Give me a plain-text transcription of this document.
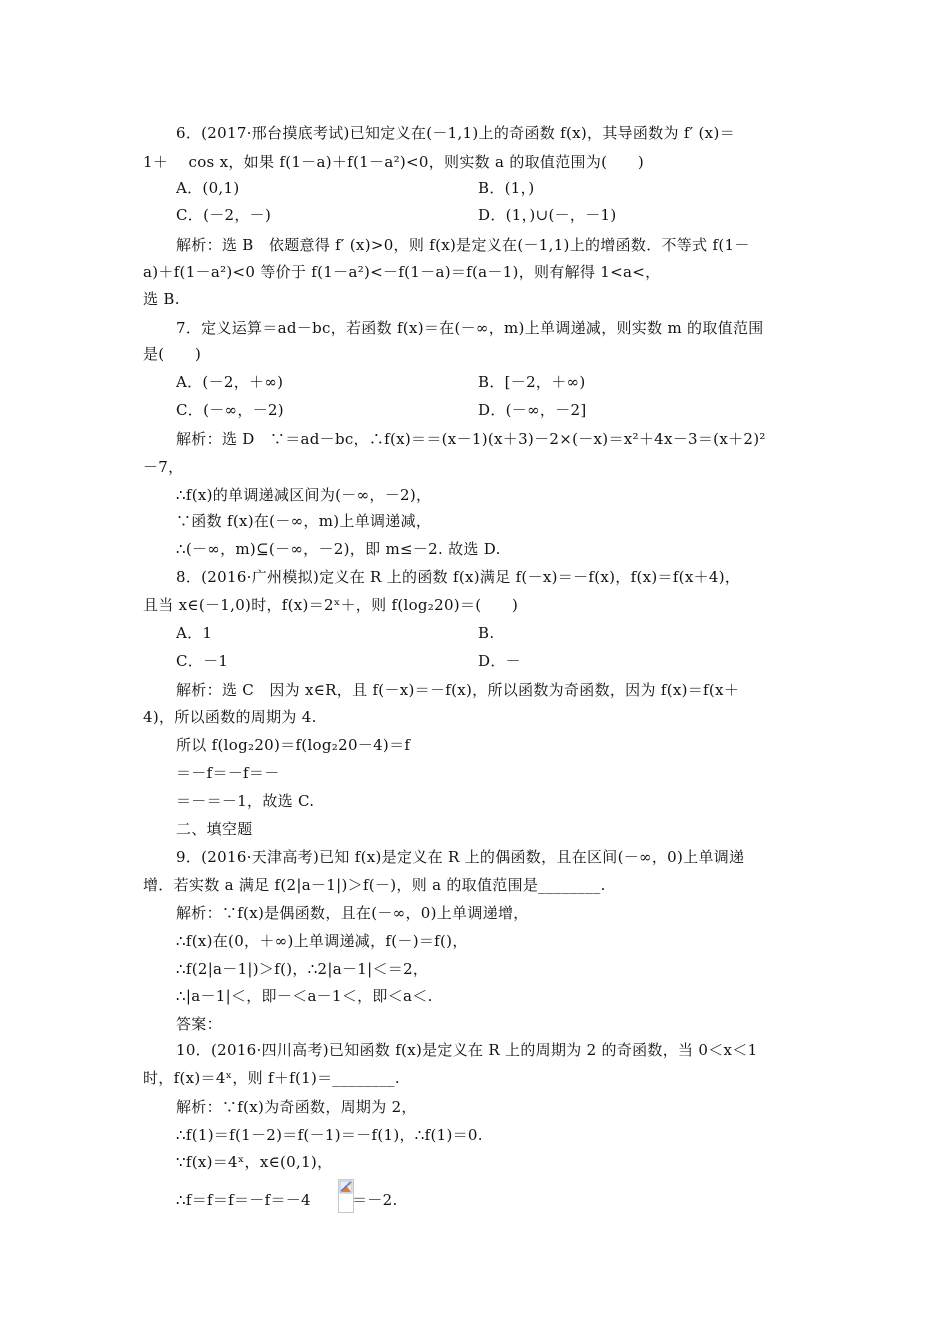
6．(2017·邢台摸底考试)已知定义在(－1,1)上的奇函数 f(x)，其导函数为 f′ (x)＝
1＋　 cos x，如果 f(1－a)＋f(1－a²)<0，则实数 a 的取值范围为(　　)
A．(0,1)	B．(1，)
C．(－2，－)	D．(1，)∪(－，－1)
解析：选 B　依题意得 f′ (x)>0，则 f(x)是定义在(－1,1)上的增函数．不等式 f(1－
a)＋f(1－a²)<0 等价于 f(1－a²)<－f(1－a)＝f(a－1)，则有解得 1<a<，
选 B.
7．定义运算＝ad－bc，若函数 f(x)＝在(－∞，m)上单调递减，则实数 m 的取值范围
是(　　)
A．(－2，＋∞)	B．[－2，＋∞)
C．(－∞，－2)	D．(－∞，－2]
解析：选 D　∵＝ad－bc，∴f(x)＝＝(x－1)(x＋3)－2×(－x)＝x²＋4x－3＝(x＋2)²
－7，
∴f(x)的单调递减区间为(－∞，－2)，
∵函数 f(x)在(－∞，m)上单调递减，
∴(－∞，m)⊆(－∞，－2)，即 m≤－2. 故选 D.
8．(2016·广州模拟)定义在 R 上的函数 f(x)满足 f(－x)＝－f(x)，f(x)＝f(x＋4)，
且当 x∈(－1,0)时，f(x)＝2ˣ＋，则 f(log₂20)＝(　　)
A．1	B.
C．－1	D．－
解析：选 C　因为 x∈R，且 f(－x)＝－f(x)，所以函数为奇函数，因为 f(x)＝f(x＋
4)，所以函数的周期为 4.
所以 f(log₂20)＝f(log₂20－4)＝f
＝－f＝－f＝－
＝－＝－1，故选 C.
二、填空题
9．(2016·天津高考)已知 f(x)是定义在 R 上的偶函数，且在区间(－∞，0)上单调递
增．若实数 a 满足 f(2|a－1|)＞f(－)，则 a 的取值范围是________.
解析：∵f(x)是偶函数，且在(－∞，0)上单调递增，
∴f(x)在(0，＋∞)上单调递减，f(－)＝f()，
∴f(2|a－1|)＞f()，∴2|a－1|＜＝2，
∴|a－1|＜，即－＜a－1＜，即＜a＜.
答案：
10．(2016·四川高考)已知函数 f(x)是定义在 R 上的周期为 2 的奇函数，当 0＜x＜1
时，f(x)＝4ˣ，则 f＋f(1)＝________.
解析：∵f(x)为奇函数，周期为 2，
∴f(1)＝f(1－2)＝f(－1)＝－f(1)，∴f(1)＝0.
∵f(x)＝4ˣ，x∈(0,1)，
∴f＝f＝f＝－f＝－4	＝－2.
